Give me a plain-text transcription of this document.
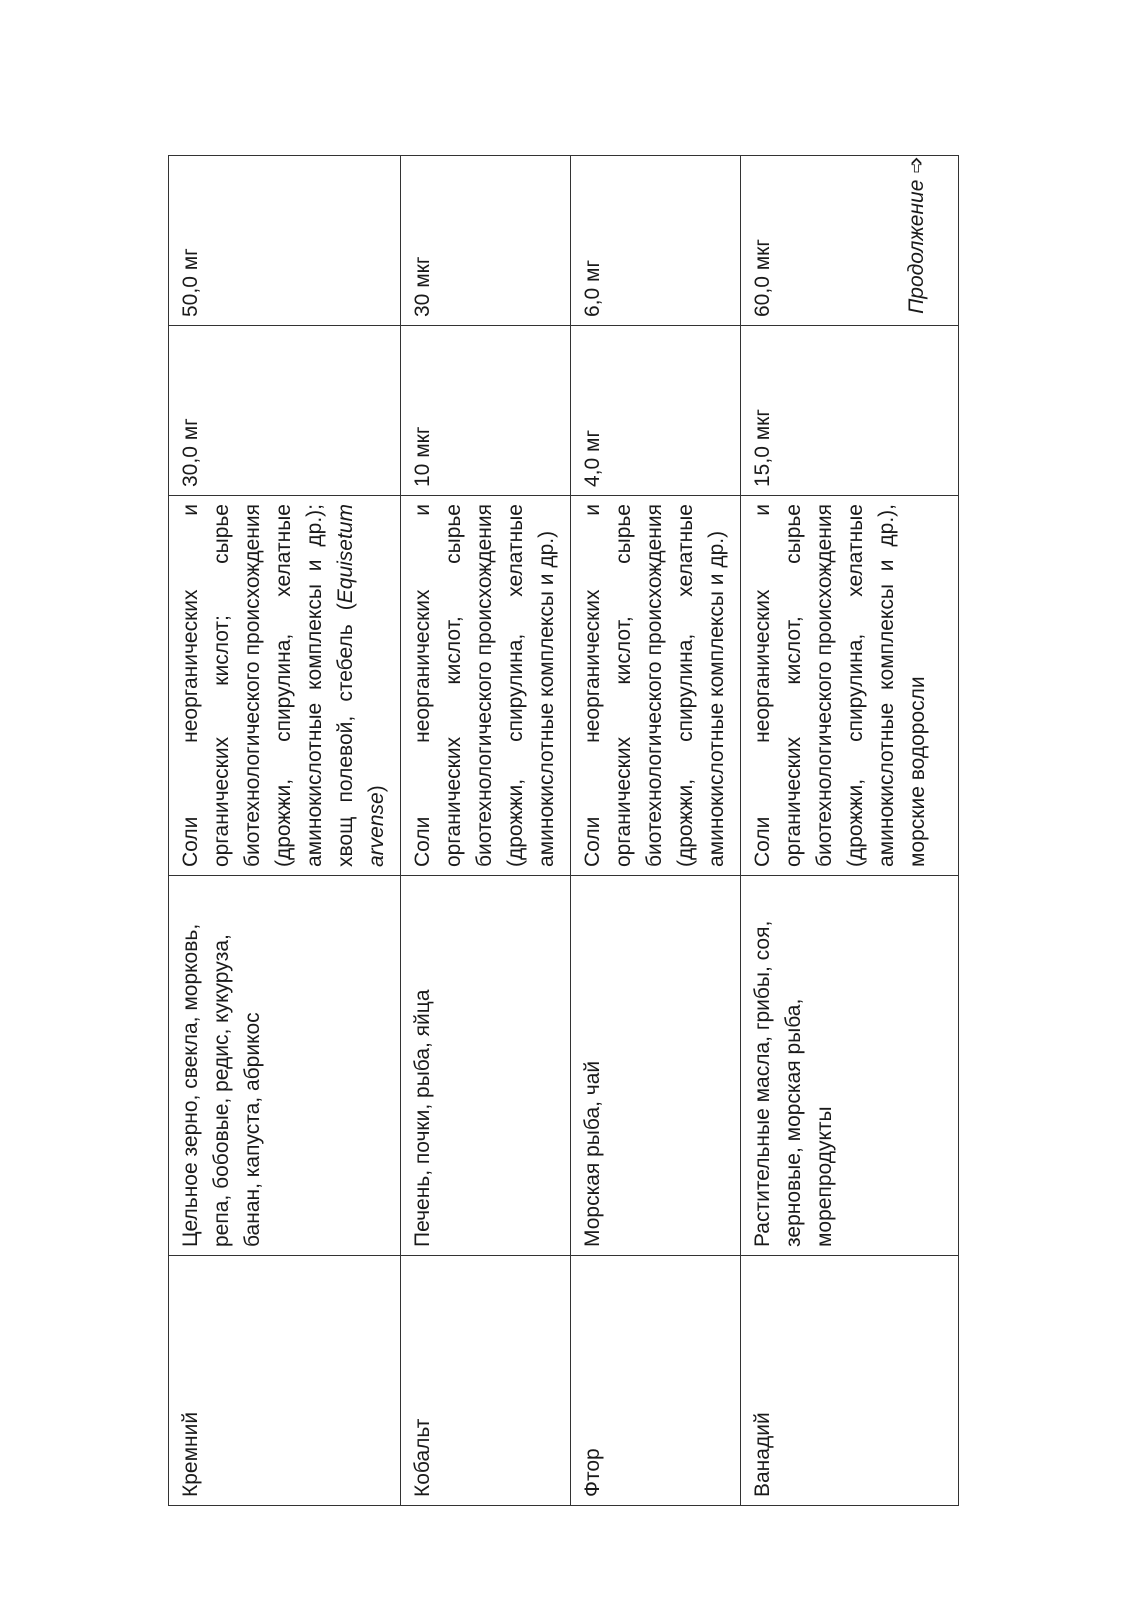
Кремний	Цельное зерно, свекла, морковь, репа, бобовые, редис, кукуруза, банан, капуста, абрикос	Соли неорганических и органических кислот; сырье биотехнологического происхождения (дрожжи, спирулина, хелатные аминокислотные комплексы и др.); хвощ полевой, стебель (Equisetum arvense)	30,0 мг	50,0 мг
Кобальт	Печень, почки, рыба, яйца	Соли неорганических и органических кислот, сырье биотехнологического происхождения (дрожжи, спирулина, хелатные аминокислотные комплексы и др.)	10 мкг	30 мкг
Фтор	Морская рыба, чай	Соли неорганических и органических кислот, сырье биотехнологического происхождения (дрожжи, спирулина, хелатные аминокислотные комплексы и др.)	4,0 мг	6,0 мг
Ванадий	Растительные масла, грибы, соя, зерновые, морская рыба, морепродукты	Соли неорганических и органических кислот, сырье биотехнологического происхождения (дрожжи, спирулина, хелатные аминокислотные комплексы и др.), морские водоросли	15,0 мкг	60,0 мкг	Продолжение➩
